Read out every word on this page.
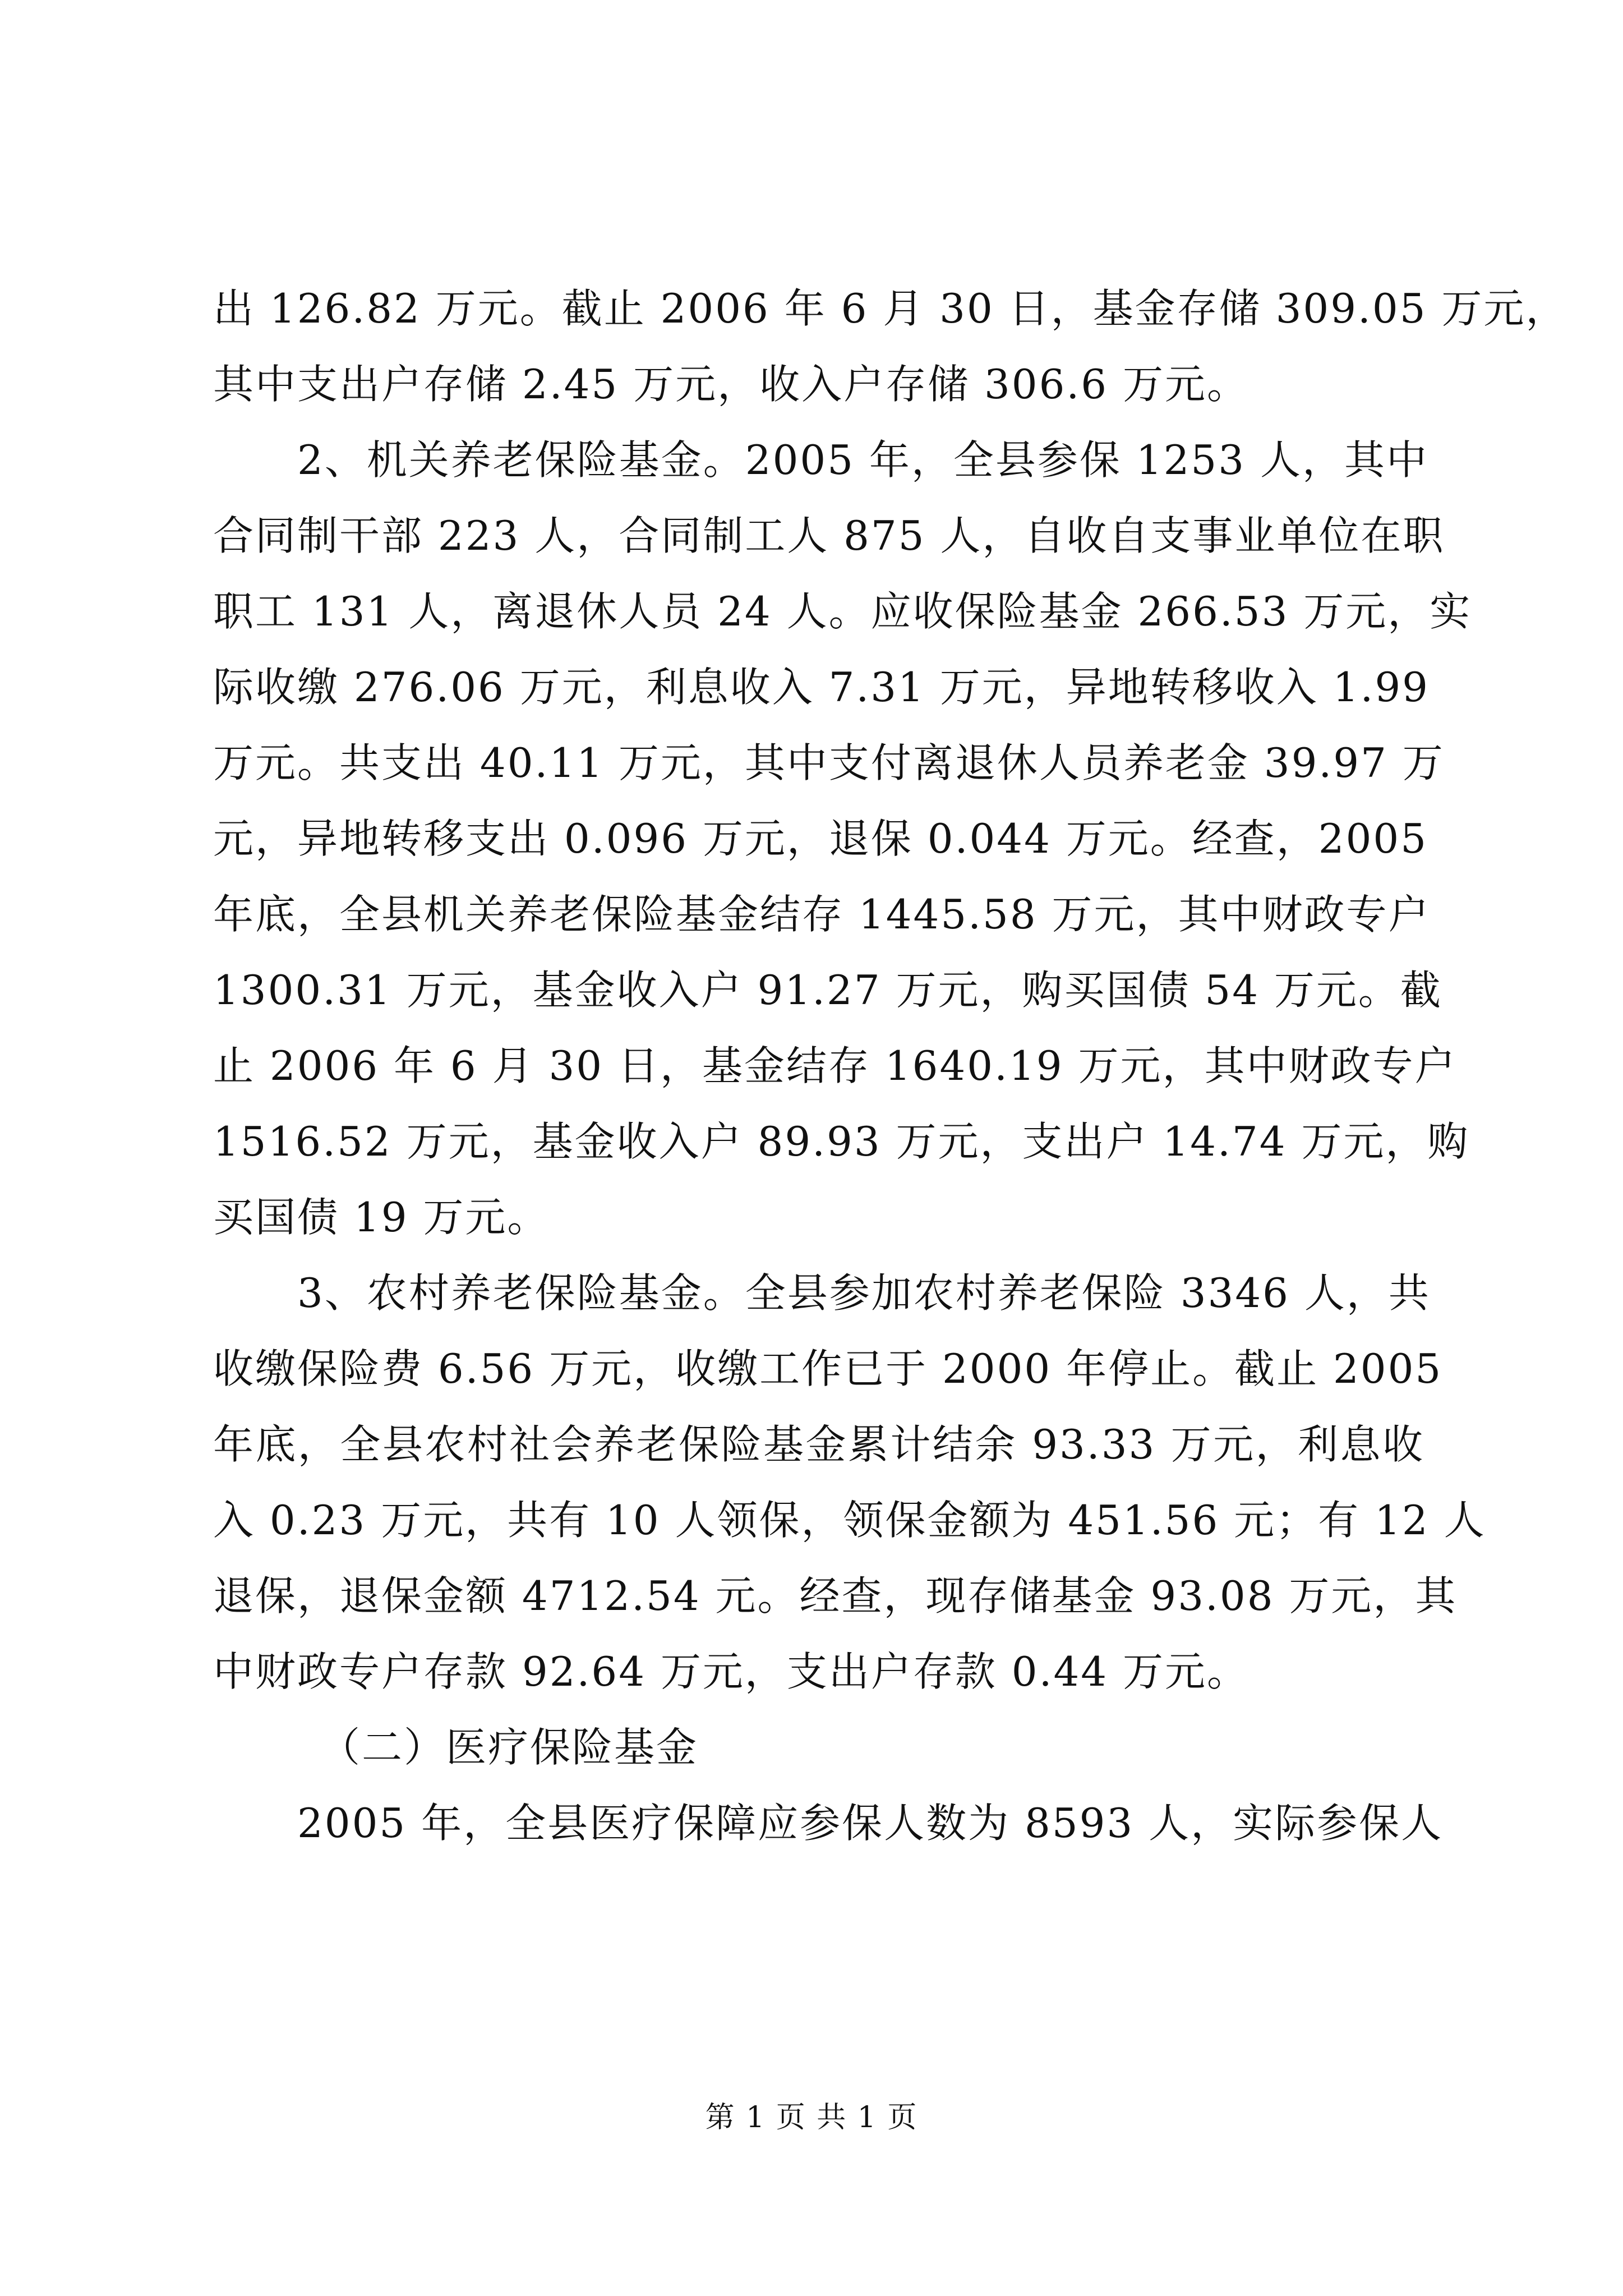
出 126.82 万元。截止 2006 年 6 月 30 日，基金存储 309.05 万元，
其中支出户存储 2.45 万元，收入户存储 306.6 万元。
2、机关养老保险基金。2005 年，全县参保 1253 人，其中
合同制干部 223 人，合同制工人 875 人，自收自支事业单位在职
职工 131 人，离退休人员 24 人。应收保险基金 266.53 万元，实
际收缴 276.06 万元，利息收入 7.31 万元，异地转移收入 1.99
万元。共支出 40.11 万元，其中支付离退休人员养老金 39.97 万
元，异地转移支出 0.096 万元，退保 0.044 万元。经查，2005
年底，全县机关养老保险基金结存 1445.58 万元，其中财政专户
1300.31 万元，基金收入户 91.27 万元，购买国债 54 万元。截
止 2006 年 6 月 30 日，基金结存 1640.19 万元，其中财政专户
1516.52 万元，基金收入户 89.93 万元，支出户 14.74 万元，购
买国债 19 万元。
3、农村养老保险基金。全县参加农村养老保险 3346 人，共
收缴保险费 6.56 万元，收缴工作已于 2000 年停止。截止 2005
年底，全县农村社会养老保险基金累计结余 93.33 万元，利息收
入 0.23 万元，共有 10 人领保，领保金额为 451.56 元；有 12 人
退保，退保金额 4712.54 元。经查，现存储基金 93.08 万元，其
中财政专户存款 92.64 万元，支出户存款 0.44 万元。
（二）医疗保险基金
2005 年，全县医疗保障应参保人数为 8593 人，实际参保人
第 1 页 共 1 页
